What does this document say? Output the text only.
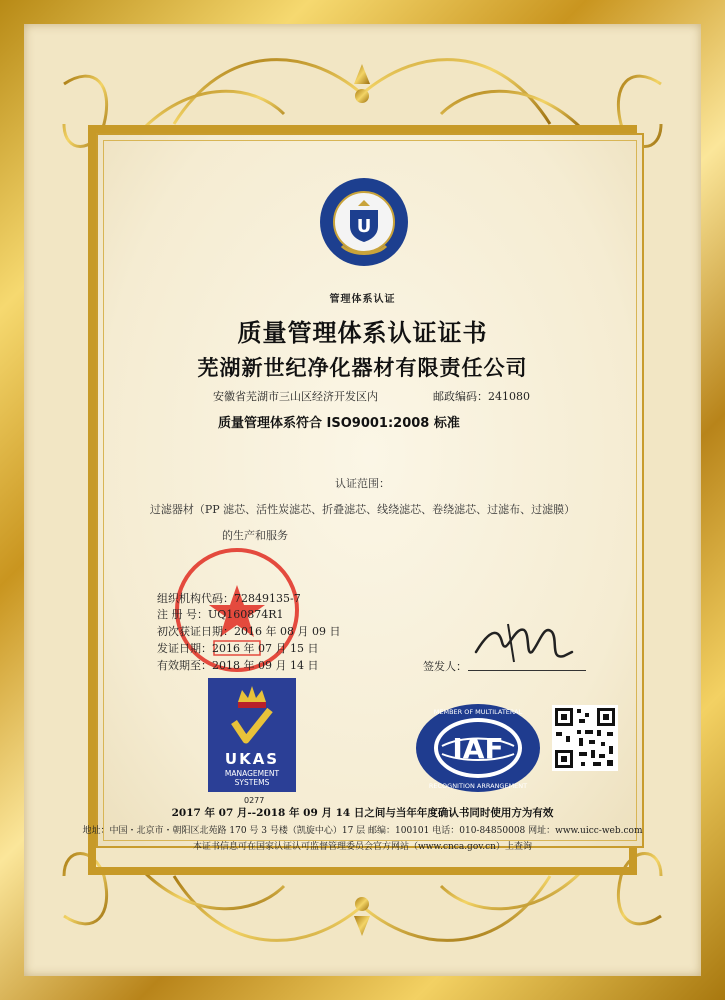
U
管理体系认证
质量管理体系认证证书
芜湖新世纪净化器材有限责任公司
安徽省芜湖市三山区经济开发区内	邮政编码：241080
质量管理体系符合 ISO9001:2008 标准
认证范围：
过滤器材（PP 滤芯、活性炭滤芯、折叠滤芯、线绕滤芯、卷绕滤芯、过滤布、过滤膜）
的生产和服务
组织机构代码：72849135-7
注 册 号：UQ160874R1
初次获证日期：2016 年 08 月 09 日
发证日期：2016 年 07 月 15 日
有效期至：2018 年 09 月 14 日	签发人：
UKAS
MANAGEMENT
SYSTEMS
0277
IAF
MEMBER OF MULTILATERAL
RECOGNITION ARRANGEMENT
2017 年 07 月--2018 年 09 月 14 日之间与当年年度确认书同时使用方为有效
地址：中国・北京市・朝阳区北苑路 170 号 3 号楼（凯旋中心）17 层 邮编：100101 电话：010-84850008 网址：www.uicc-web.com
本证书信息可在国家认证认可监督管理委员会官方网站（www.cnca.gov.cn）上查询
